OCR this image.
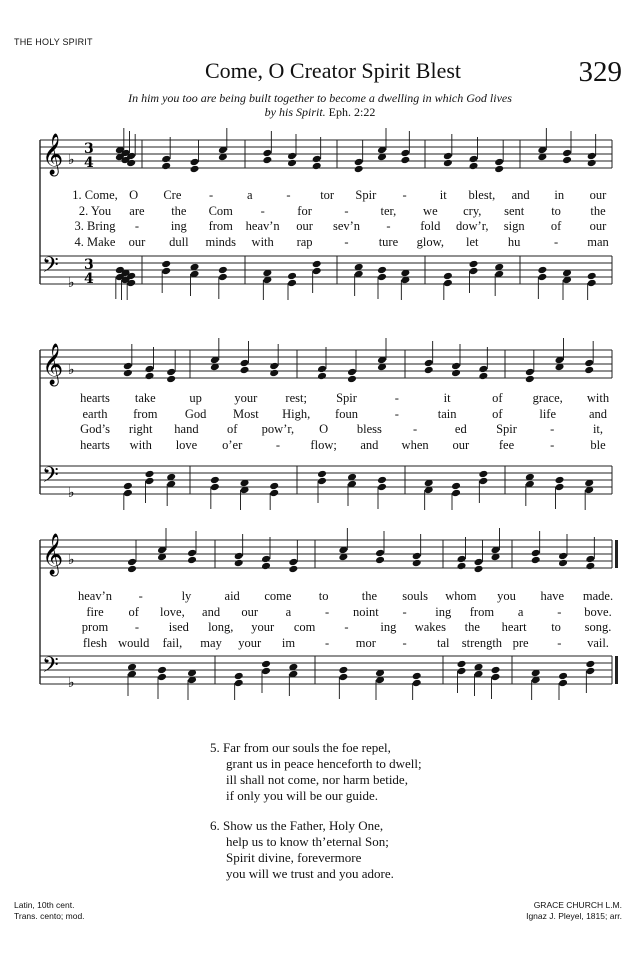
THE HOLY SPIRIT
Come, O Creator Spirit Blest	329
In him you too are being built together to become a dwelling in which God lives
by his Spirit. Eph. 2:22
𝄞
𝄢
♭
♭
3
4
3
4
1. Come, O Cre -	a	- tor Spir -	it blest, and in our
2. You are the Com -	for	-	ter, we cry, sent to the
3. Bring -	ing from heav’n our sev’n - fold dow’r, sign of our
4. Make our dull minds with rap	- ture glow, let hu	- man
𝄞
𝄢
♭
♭
hearts take	up	your rest; Spir	-	it	of grace, with
earth from God Most High, foun	-	tain	of	life	and
God’s right hand of pow’r, O bless -	ed Spir	-	it,
hearts with love o’er	- flow; and when our fee	-	ble
𝄞
𝄢
♭
♭
heav’n -	ly	aid come to	the souls whom you have made.
fire of love, and our a	- noint - ing from a	- bove.
prom - ised long, your com -	ing wakes the heart to song.
flesh would fail, may your im - mor - tal strength pre - vail.
5. Far from our souls the foe repel,
grant us in peace henceforth to dwell;
ill shall not come, nor harm betide,
if only you will be our guide.
6. Show us the Father, Holy One,
help us to know th’eternal Son;
Spirit divine, forevermore
you will we trust and you adore.
Latin, 10th cent.
Trans. cento; mod.
GRACE CHURCH L.M.
Ignaz J. Pleyel, 1815; arr.
